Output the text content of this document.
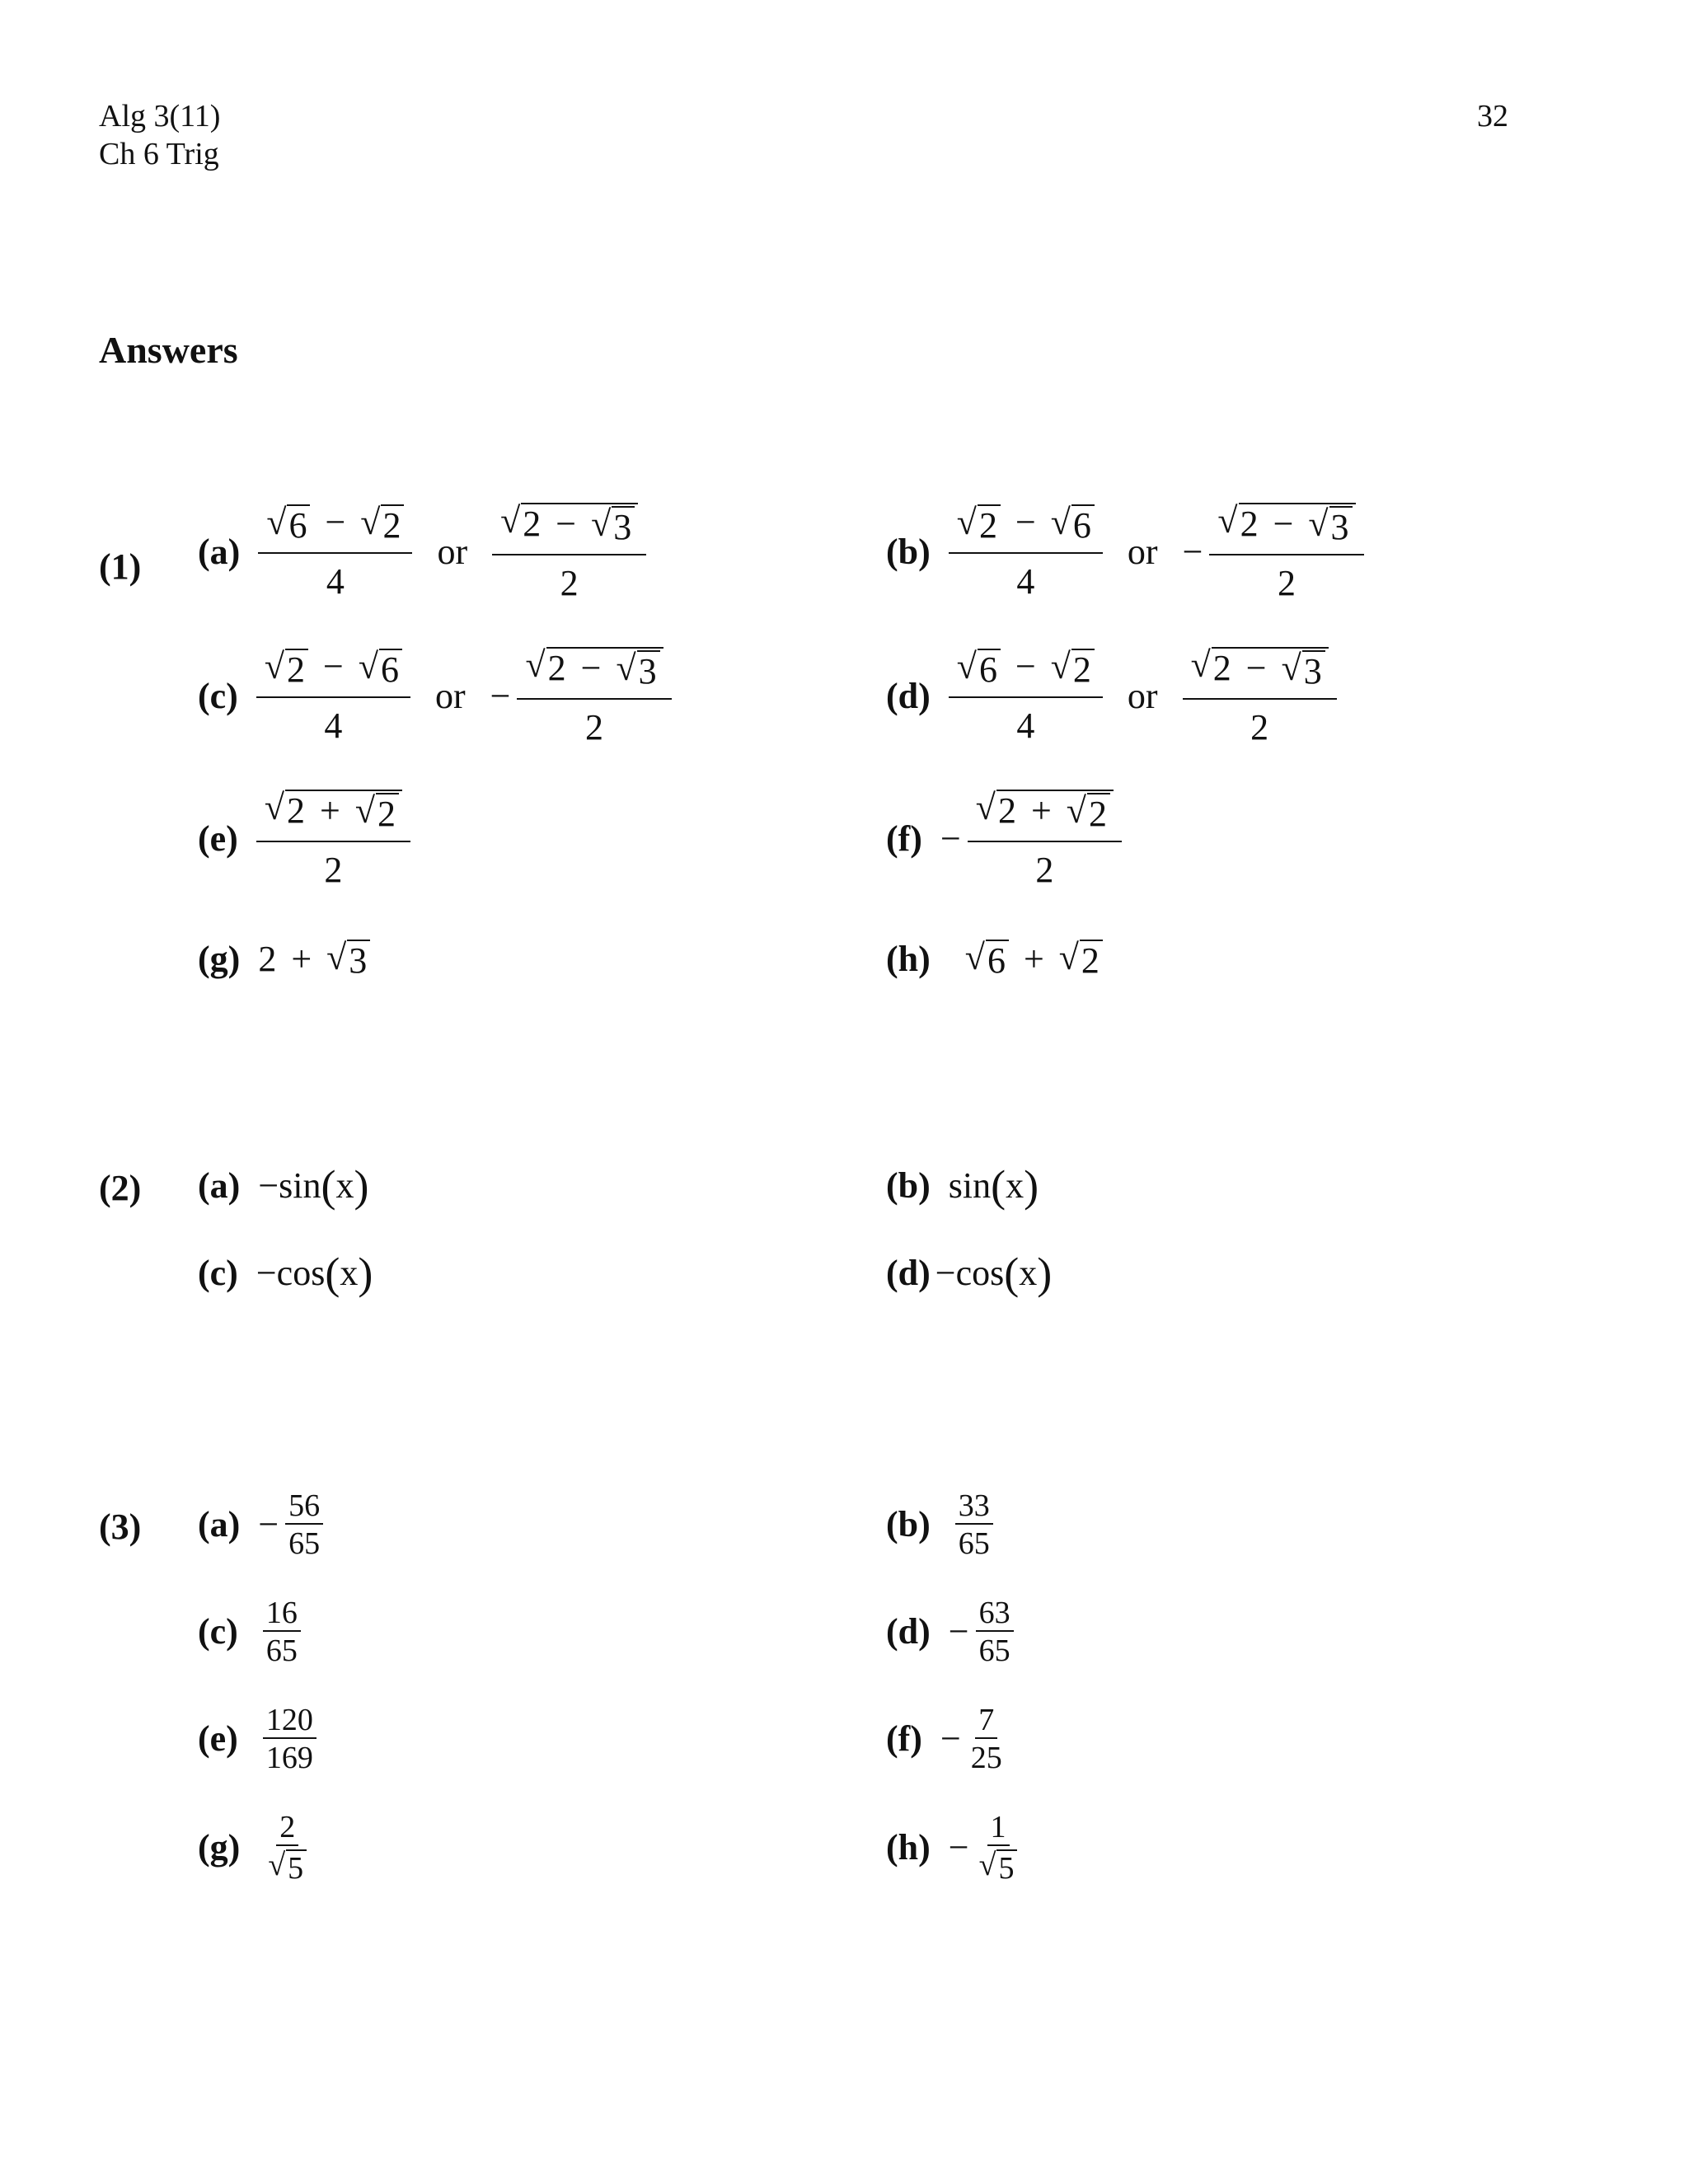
Alg 3(11)
Ch 6 Trig
32
Answers
(1) $(a) \frac{√ 6 - √ 2}{4}$ or $\frac{√ 2 - √ 3}{2}$	$(b) \frac{√ 2 - √ 6}{4}$ or − $\frac{√ 2 - √ 3}{2}$
$(c) \frac{√ 2 - √ 6}{4}$ or − $\frac{√ 2 - √ 3}{2}$	$(d) \frac{√ 6 - √ 2}{4}$ or $\frac{√ 2 - √ 3}{2}$
$(e) \frac{√ 2 + √ 2}{2}$	$(f) - \frac{√ 2 + √ 2}{2}$
(g) 2 + √ 3	(h) √ 6 + √ 2
(2) (a) − sin ( x )	(b) sin ( x )
(c) − cos ( x )	(d) − cos ( x )
(3) $(a) - \frac{56}{65}$	$(b) \frac{33}{65}$
$(c) \frac{16}{65}$	$(d) - \frac{63}{65}$
$(e) \frac{120}{169}$	$(f) - \frac{7}{25}$
$(g) \frac{2}{√ 5}$	$(h) - \frac{1}{√ 5}$
